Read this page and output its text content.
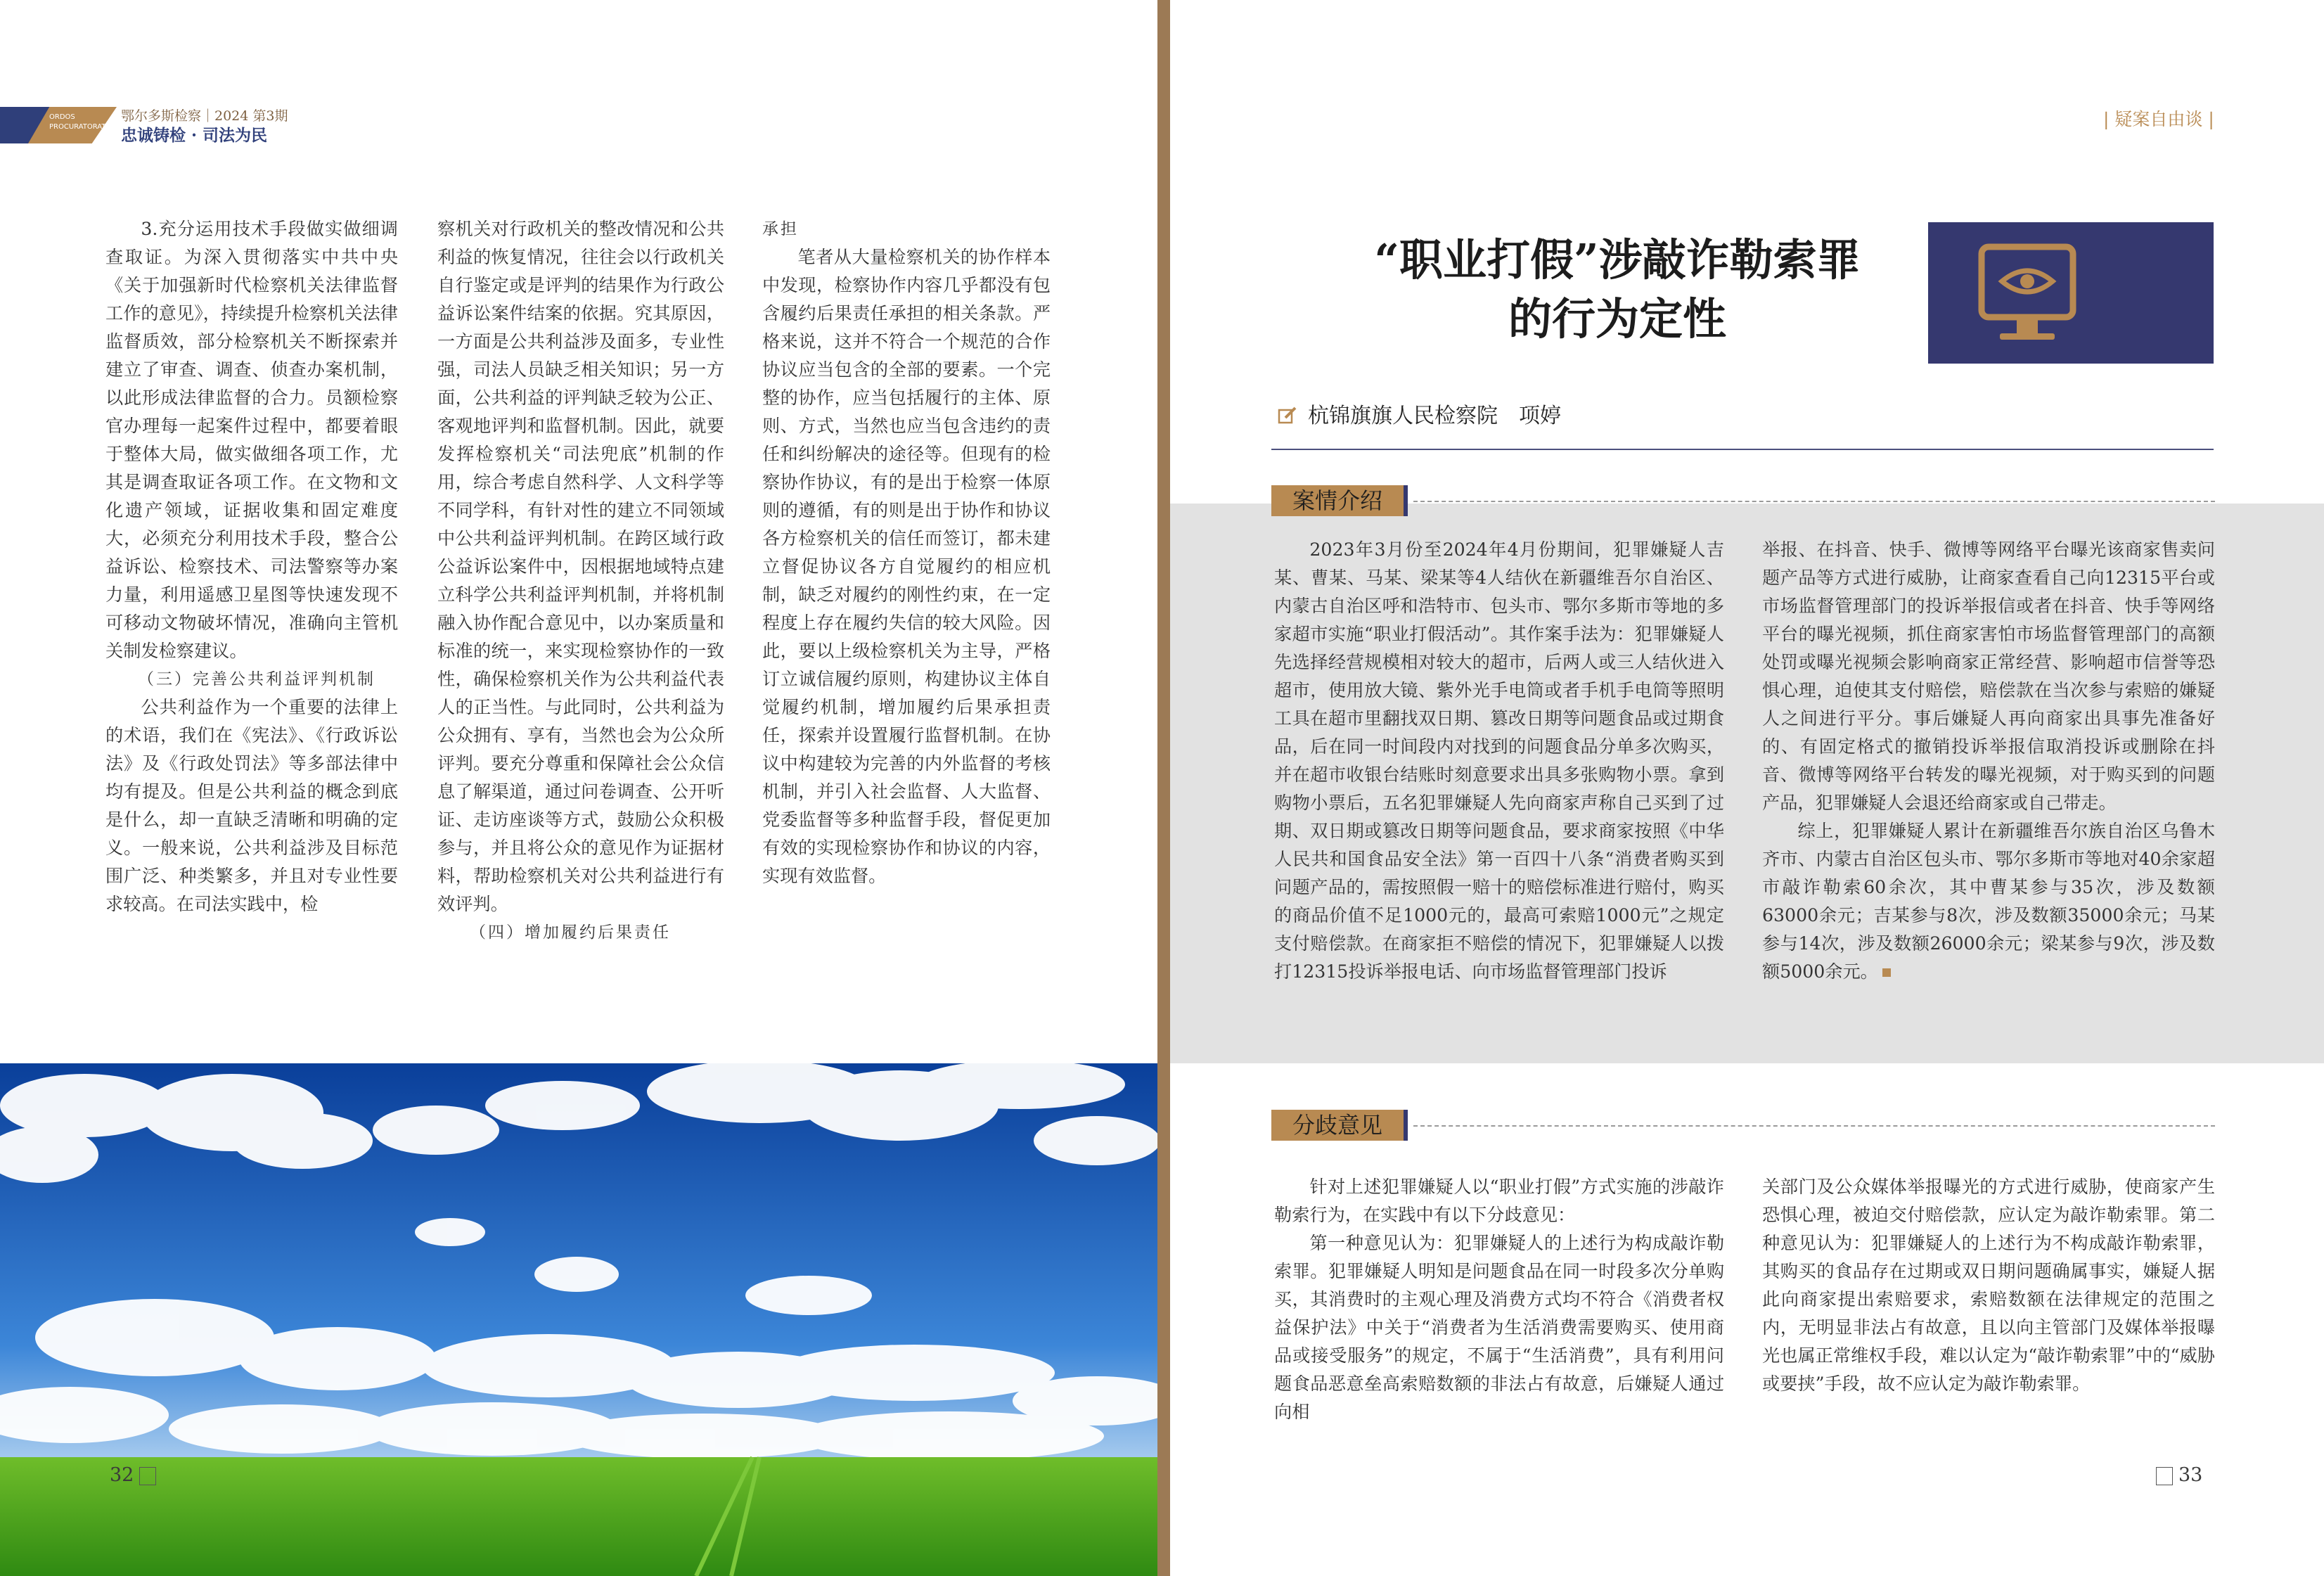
ORDOS PROCURATORATE
鄂尔多斯检察｜2024 第3期
忠诚铸检 · 司法为民

3.充分运用技术手段做实做细调查取证。为深入贯彻落实中共中央《关于加强新时代检察机关法律监督工作的意见》，持续提升检察机关法律监督质效，部分检察机关不断探索并建立了审查、调查、侦查办案机制，以此形成法律监督的合力。员额检察官办理每一起案件过程中，都要着眼于整体大局，做实做细各项工作，尤其是调查取证各项工作。在文物和文化遗产领域，证据收集和固定难度大，必须充分利用技术手段，整合公益诉讼、检察技术、司法警察等办案力量，利用遥感卫星图等快速发现不可移动文物破坏情况，准确向主管机关制发检察建议。

（三）完善公共利益评判机制

公共利益作为一个重要的法律上的术语，我们在《宪法》、《行政诉讼法》及《行政处罚法》等多部法律中均有提及。但是公共利益的概念到底是什么，却一直缺乏清晰和明确的定义。一般来说，公共利益涉及目标范围广泛、种类繁多，并且对专业性要求较高。在司法实践中，检

察机关对行政机关的整改情况和公共利益的恢复情况，往往会以行政机关自行鉴定或是评判的结果作为行政公益诉讼案件结案的依据。究其原因，一方面是公共利益涉及面多，专业性强，司法人员缺乏相关知识；另一方面，公共利益的评判缺乏较为公正、客观地评判和监督机制。因此，就要发挥检察机关“司法兜底”机制的作用，综合考虑自然科学、人文科学等不同学科，有针对性的建立不同领域中公共利益评判机制。在跨区域行政公益诉讼案件中，因根据地域特点建立科学公共利益评判机制，并将机制融入协作配合意见中，以办案质量和标准的统一，来实现检察协作的一致性，确保检察机关作为公共利益代表人的正当性。与此同时，公共利益为公众拥有、享有，当然也会为公众所评判。要充分尊重和保障社会公众信息了解渠道，通过问卷调查、公开听证、走访座谈等方式，鼓励公众积极参与，并且将公众的意见作为证据材料，帮助检察机关对公共利益进行有效评判。

（四）增加履约后果责任

承担

笔者从大量检察机关的协作样本中发现，检察协作内容几乎都没有包含履约后果责任承担的相关条款。严格来说，这并不符合一个规范的合作协议应当包含的全部的要素。一个完整的协作，应当包括履行的主体、原则、方式，当然也应当包含违约的责任和纠纷解决的途径等。但现有的检察协作协议，有的是出于检察一体原则的遵循，有的则是出于协作和协议各方检察机关的信任而签订，都未建立督促协议各方自觉履约的相应机制，缺乏对履约的刚性约束，在一定程度上存在履约失信的较大风险。因此，要以上级检察机关为主导，严格订立诚信履约原则，构建协议主体自觉履约机制，增加履约后果承担责任，探索并设置履行监督机制。在协议中构建较为完善的内外监督的考核机制，并引入社会监督、人大监督、党委监督等多种监督手段，督促更加有效的实现检察协作和协议的内容，实现有效监督。

32
| 疑案自由谈 |
“职业打假”涉敲诈勒索罪
的行为定性
杭锦旗旗人民检察院　项婷
案情介绍

2023年3月份至2024年4月份期间，犯罪嫌疑人吉某、曹某、马某、梁某等4人结伙在新疆维吾尔自治区、内蒙古自治区呼和浩特市、包头市、鄂尔多斯市等地的多家超市实施“职业打假活动”。其作案手法为：犯罪嫌疑人先选择经营规模相对较大的超市，后两人或三人结伙进入超市，使用放大镜、紫外光手电筒或者手机手电筒等照明工具在超市里翻找双日期、篡改日期等问题食品或过期食品，后在同一时间段内对找到的问题食品分单多次购买，并在超市收银台结账时刻意要求出具多张购物小票。拿到购物小票后，五名犯罪嫌疑人先向商家声称自己买到了过期、双日期或篡改日期等问题食品，要求商家按照《中华人民共和国食品安全法》第一百四十八条“消费者购买到问题产品的，需按照假一赔十的赔偿标准进行赔付，购买的商品价值不足1000元的，最高可索赔1000元”之规定支付赔偿款。在商家拒不赔偿的情况下，犯罪嫌疑人以拨打12315投诉举报电话、向市场监督管理部门投诉

举报、在抖音、快手、微博等网络平台曝光该商家售卖问题产品等方式进行威胁，让商家查看自己向12315平台或市场监督管理部门的投诉举报信或者在抖音、快手等网络平台的曝光视频，抓住商家害怕市场监督管理部门的高额处罚或曝光视频会影响商家正常经营、影响超市信誉等恐惧心理，迫使其支付赔偿，赔偿款在当次参与索赔的嫌疑人之间进行平分。事后嫌疑人再向商家出具事先准备好的、有固定格式的撤销投诉举报信取消投诉或删除在抖音、微博等网络平台转发的曝光视频，对于购买到的问题产品，犯罪嫌疑人会退还给商家或自己带走。

综上，犯罪嫌疑人累计在新疆维吾尔族自治区乌鲁木齐市、内蒙古自治区包头市、鄂尔多斯市等地对40余家超市敲诈勒索60余次，其中曹某参与35次，涉及数额63000余元；吉某参与8次，涉及数额35000余元；马某参与14次，涉及数额26000余元；梁某参与9次，涉及数额5000余元。

分歧意见

针对上述犯罪嫌疑人以“职业打假”方式实施的涉敲诈勒索行为，在实践中有以下分歧意见：

第一种意见认为：犯罪嫌疑人的上述行为构成敲诈勒索罪。犯罪嫌疑人明知是问题食品在同一时段多次分单购买，其消费时的主观心理及消费方式均不符合《消费者权益保护法》中关于“消费者为生活消费需要购买、使用商品或接受服务”的规定，不属于“生活消费”，具有利用问题食品恶意垒高索赔数额的非法占有故意，后嫌疑人通过向相

关部门及公众媒体举报曝光的方式进行威胁，使商家产生恐惧心理，被迫交付赔偿款，应认定为敲诈勒索罪。第二种意见认为：犯罪嫌疑人的上述行为不构成敲诈勒索罪，其购买的食品存在过期或双日期问题确属事实，嫌疑人据此向商家提出索赔要求，索赔数额在法律规定的范围之内，无明显非法占有故意，且以向主管部门及媒体举报曝光也属正常维权手段，难以认定为“敲诈勒索罪”中的“威胁或要挟”手段，故不应认定为敲诈勒索罪。

33
